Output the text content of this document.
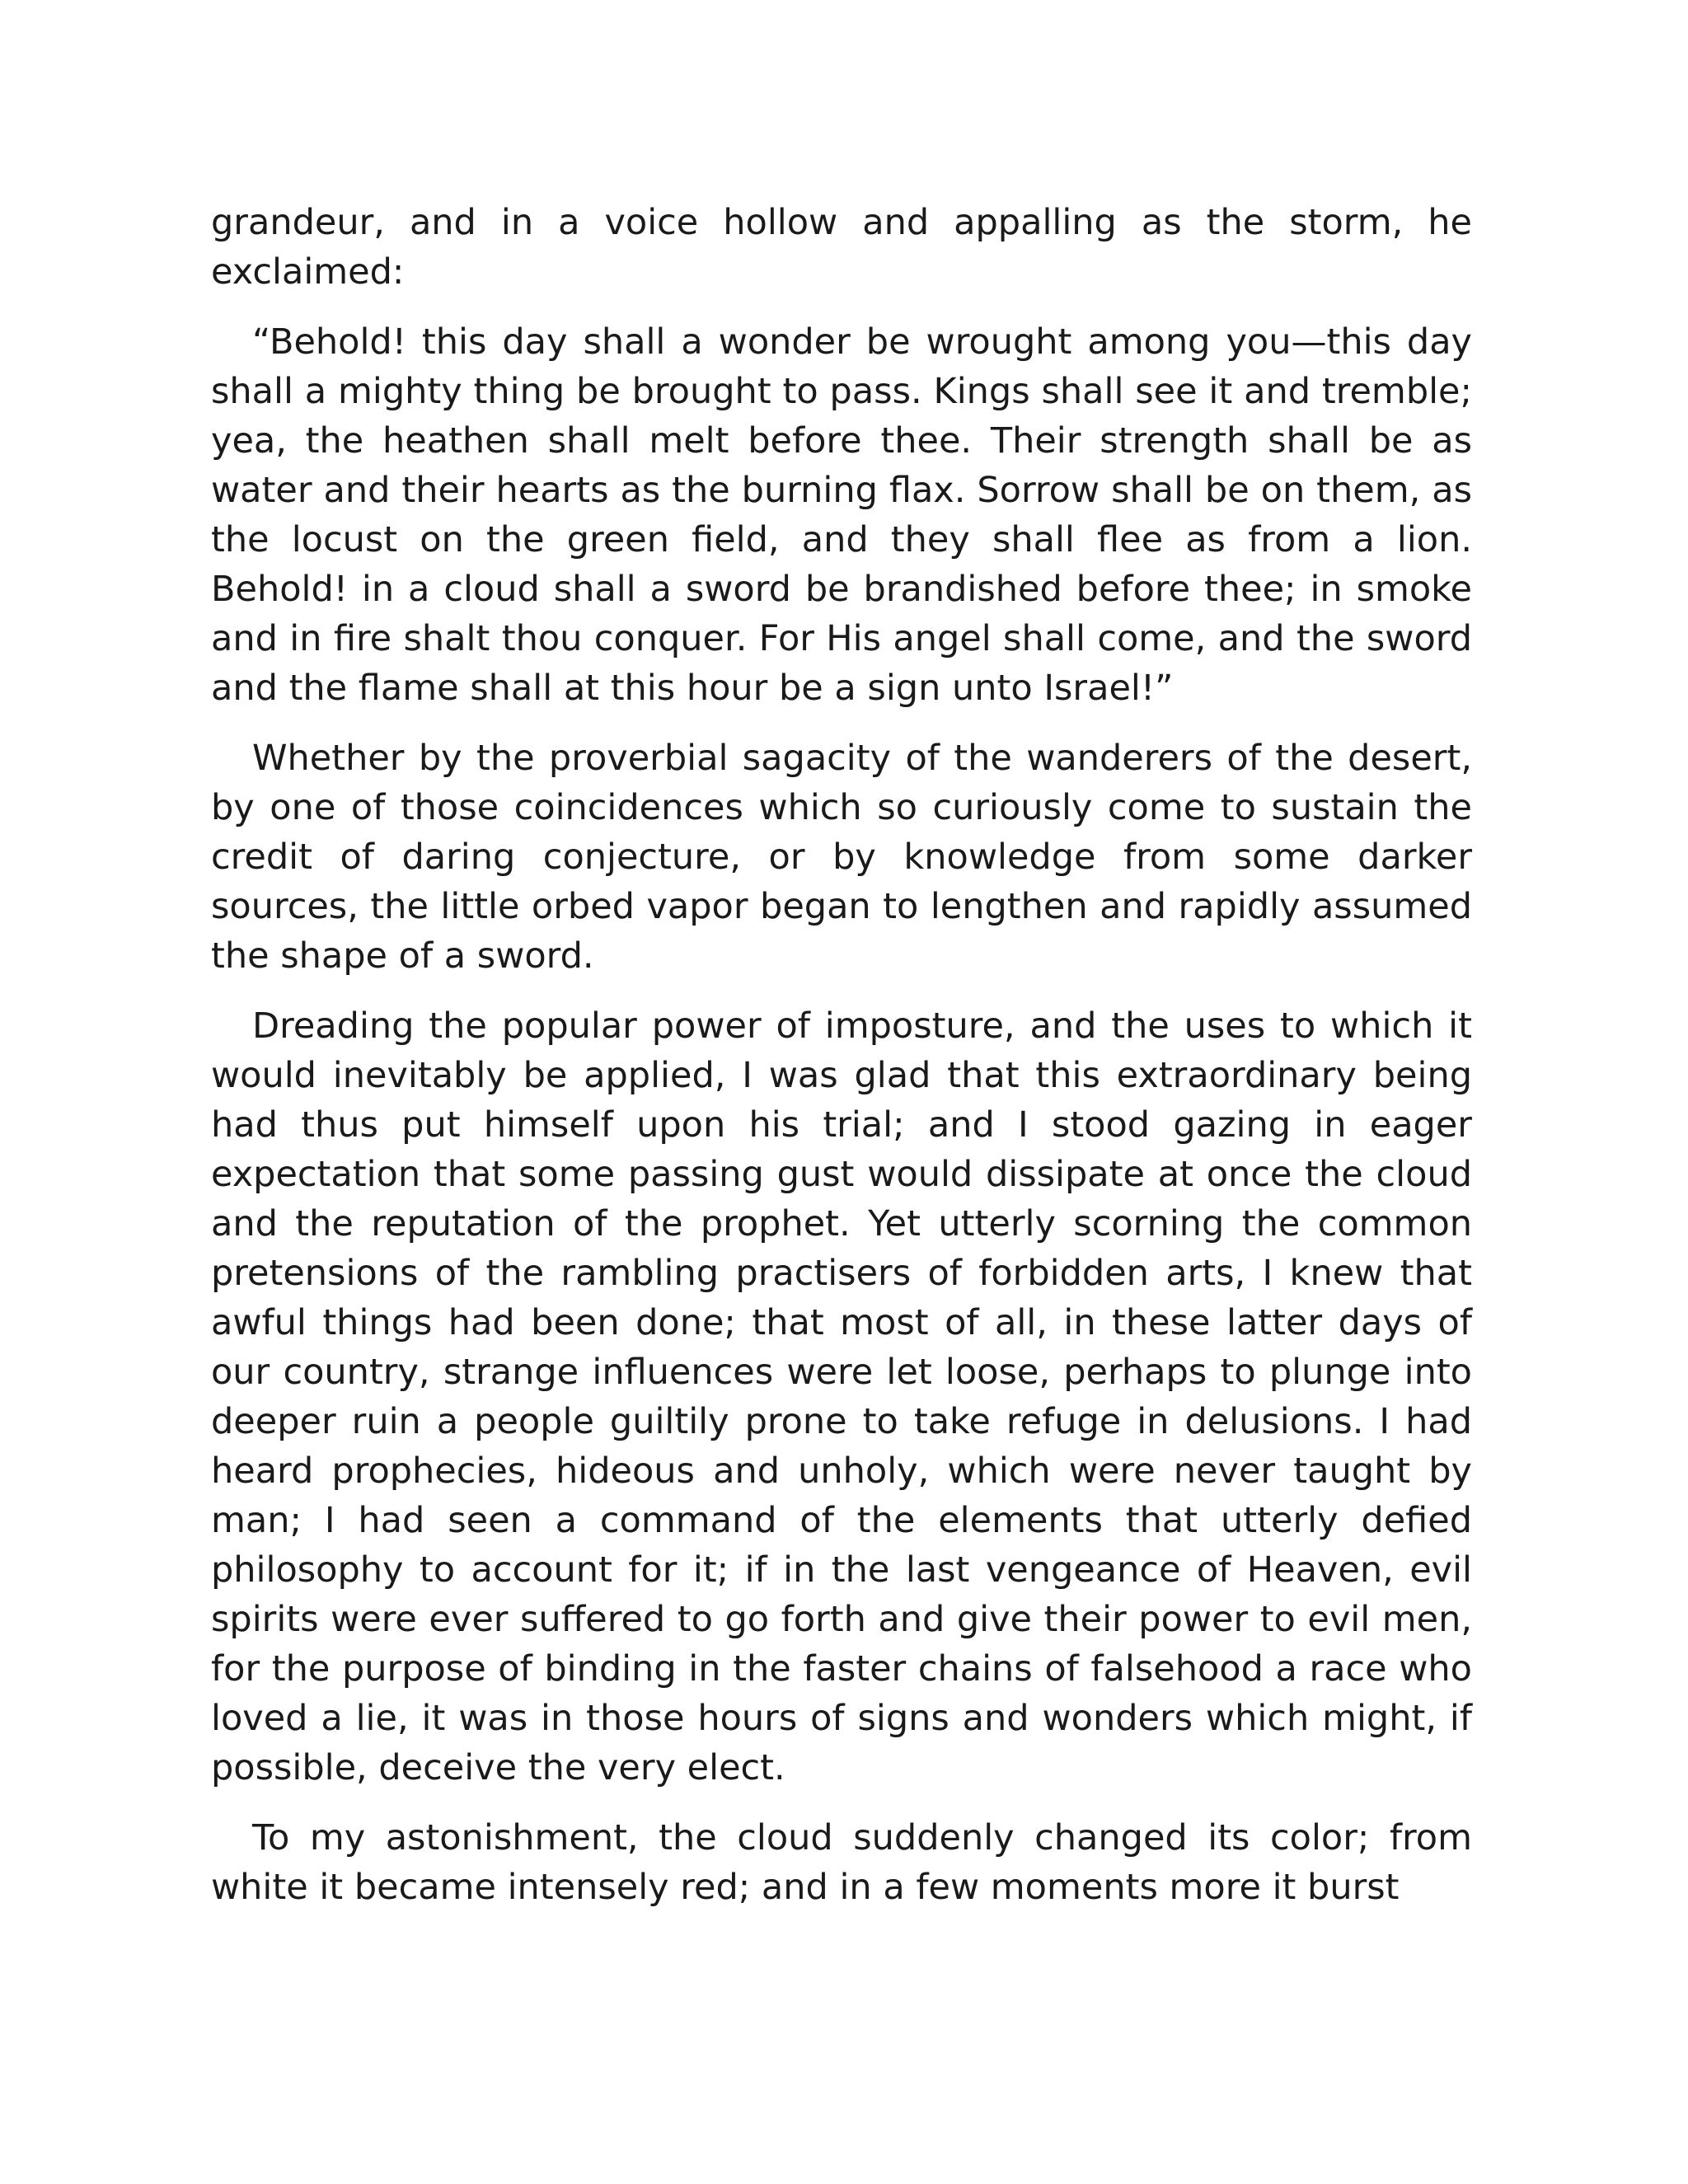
grandeur, and in a voice hollow and appalling as the storm, he exclaimed:

“Behold! this day shall a wonder be wrought among you—this day shall a mighty thing be brought to pass. Kings shall see it and tremble; yea, the heathen shall melt before thee. Their strength shall be as water and their hearts as the burning flax. Sorrow shall be on them, as the locust on the green field, and they shall flee as from a lion. Behold! in a cloud shall a sword be brandished before thee; in smoke and in fire shalt thou conquer. For His angel shall come, and the sword and the flame shall at this hour be a sign unto Israel!”

Whether by the proverbial sagacity of the wanderers of the desert, by one of those coincidences which so curiously come to sustain the credit of daring conjecture, or by knowledge from some darker sources, the little orbed vapor began to lengthen and rapidly assumed the shape of a sword.

Dreading the popular power of imposture, and the uses to which it would inevitably be applied, I was glad that this extraordinary being had thus put himself upon his trial; and I stood gazing in eager expectation that some passing gust would dissipate at once the cloud and the reputation of the prophet. Yet utterly scorning the common pretensions of the rambling practisers of forbidden arts, I knew that awful things had been done; that most of all, in these latter days of our country, strange influences were let loose, perhaps to plunge into deeper ruin a people guiltily prone to take refuge in delusions. I had heard prophecies, hideous and unholy, which were never taught by man; I had seen a command of the elements that utterly defied philosophy to account for it; if in the last vengeance of Heaven, evil spirits were ever suffered to go forth and give their power to evil men, for the purpose of binding in the faster chains of falsehood a race who loved a lie, it was in those hours of signs and wonders which might, if possible, deceive the very elect.

To my astonishment, the cloud suddenly changed its color; from white it became intensely red; and in a few moments more it burst
